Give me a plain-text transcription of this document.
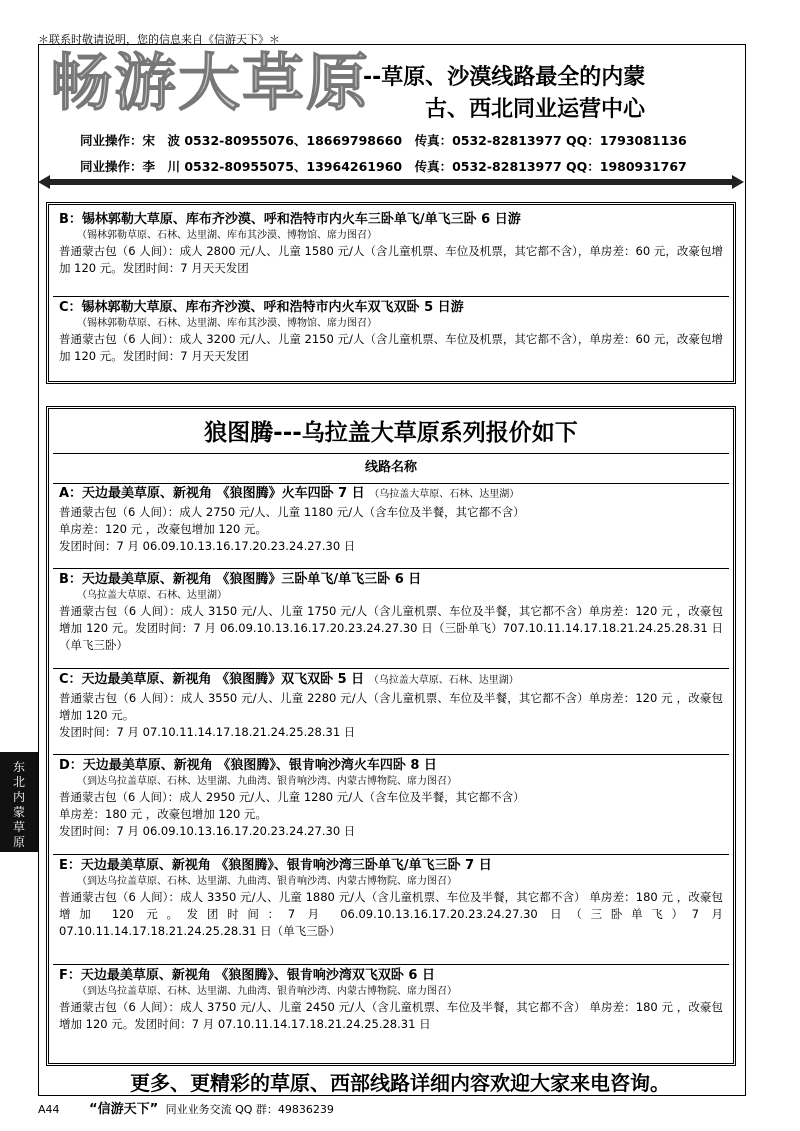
＊联系时敬请说明，您的信息来自《信游天下》＊
畅游大草原
--草原、沙漠线路最全的内蒙
古、西北同业运营中心
同业操作：宋　波 0532-80955076、18669798660　传真：0532-82813977 QQ：1793081136
同业操作：李　川 0532-80955075、13964261960　传真：0532-82813977 QQ：1980931767
B：锡林郭勒大草原、库布齐沙漠、呼和浩特市内火车三卧单飞/单飞三卧 6 日游
（锡林郭勒草原、石林、达里湖、库布其沙漠、博物馆、席力图召）
普通蒙古包（6 人间）：成人 2800 元/人、儿童 1580 元/人（含儿童机票、车位及机票，其它都不含），单房差：60 元，改豪包增加 120 元。发团时间：7 月天天发团
C：锡林郭勒大草原、库布齐沙漠、呼和浩特市内火车双飞双卧 5 日游
（锡林郭勒草原、石林、达里湖、库布其沙漠、博物馆、席力图召）
普通蒙古包（6 人间）：成人 3200 元/人、儿童 2150 元/人（含儿童机票、车位及机票，其它都不含），单房差：60 元，改豪包增加 120 元。发团时间：7 月天天发团
狼图腾---乌拉盖大草原系列报价如下
线路名称
A：天边最美草原、新视角 《狼图腾》火车四卧 7 日 （乌拉盖大草原、石林、达里湖）
普通蒙古包（6 人间）：成人 2750 元/人、儿童 1180 元/人（含车位及半餐，其它都不含）
单房差：120 元 ，改豪包增加 120 元。
发团时间：7 月 06.09.10.13.16.17.20.23.24.27.30 日
B：天边最美草原、新视角 《狼图腾》三卧单飞/单飞三卧 6 日
（乌拉盖大草原、石林、达里湖）
普通蒙古包（6 人间）：成人 3150 元/人、儿童 1750 元/人（含儿童机票、车位及半餐，其它都不含）单房差：120 元 ，改豪包增加 120 元。发团时间：7 月 06.09.10.13.16.17.20.23.24.27.30 日（三卧单飞）707.10.11.14.17.18.21.24.25.28.31 日（单飞三卧）
C：天边最美草原、新视角 《狼图腾》双飞双卧 5 日 （乌拉盖大草原、石林、达里湖）
普通蒙古包（6 人间）：成人 3550 元/人、儿童 2280 元/人（含儿童机票、车位及半餐，其它都不含）单房差：120 元 ，改豪包增加 120 元。
发团时间：7 月 07.10.11.14.17.18.21.24.25.28.31 日
D：天边最美草原、新视角 《狼图腾》、银肯响沙湾火车四卧 8 日
（到达乌拉盖草原、石林、达里湖、九曲湾、银肯响沙湾、内蒙古博物院、席力图召）
普通蒙古包（6 人间）：成人 2950 元/人、儿童 1280 元/人（含车位及半餐，其它都不含）
单房差：180 元 ，改豪包增加 120 元。
发团时间：7 月 06.09.10.13.16.17.20.23.24.27.30 日
E：天边最美草原、新视角 《狼图腾》、银肯响沙湾三卧单飞/单飞三卧 7 日
（到达乌拉盖草原、石林、达里湖、九曲湾、银肯响沙湾、内蒙古博物院、席力图召）
普通蒙古包（6 人间）：成人 3350 元/人、儿童 1880 元/人（含儿童机票、车位及半餐，其它都不含） 单房差：180 元 ，改豪包增加 120 元。发团时间：7 月 06.09.10.13.16.17.20.23.24.27.30 日（三卧单飞）7 月 07.10.11.14.17.18.21.24.25.28.31 日（单飞三卧）
F：天边最美草原、新视角 《狼图腾》、银肯响沙湾双飞双卧 6 日
（到达乌拉盖草原、石林、达里湖、九曲湾、银肯响沙湾、内蒙古博物院、席力图召）
普通蒙古包（6 人间）：成人 3750 元/人、儿童 2450 元/人（含儿童机票、车位及半餐，其它都不含） 单房差：180 元 ，改豪包增加 120 元。发团时间：7 月 07.10.11.14.17.18.21.24.25.28.31 日
东北内蒙草原
更多、更精彩的草原、西部线路详细内容欢迎大家来电咨询。
A44 “信游天下” 同业业务交流 QQ 群：49836239
